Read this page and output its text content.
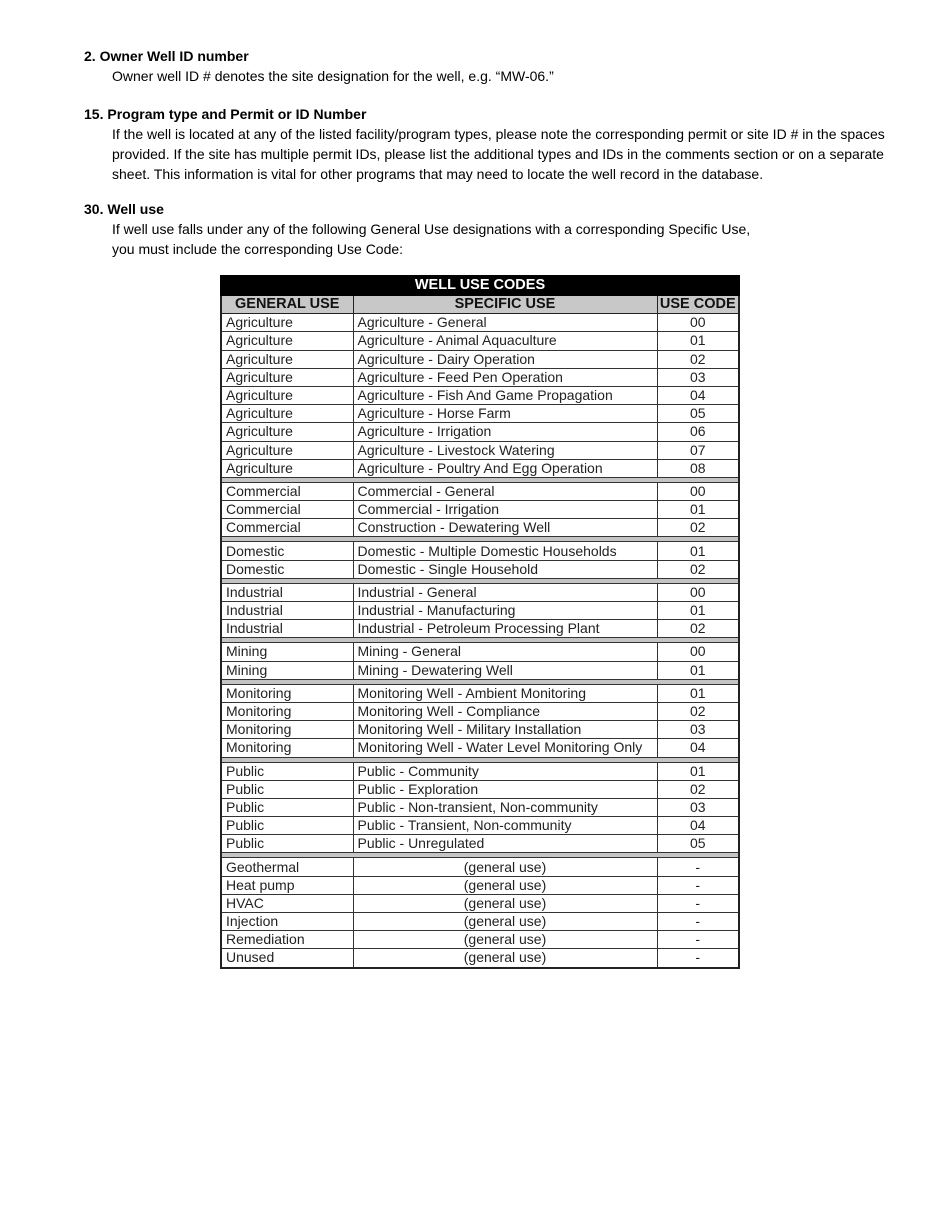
2. Owner Well ID number

Owner well ID # denotes the site designation for the well, e.g. “MW-06.”

15. Program type and Permit or ID Number

If the well is located at any of the listed facility/program types, please note the corresponding permit or site ID # in the spaces

provided. If the site has multiple permit IDs, please list the additional types and IDs in the comments section or on a separate

sheet. This information is vital for other programs that may need to locate the well record in the database.

30. Well use

If well use falls under any of the following General Use designations with a corresponding Specific Use,

you must include the corresponding Use Code:

WELL USE CODES		
GENERAL USE	SPECIFIC USE	USE CODE
Agriculture	Agriculture - General	00
Agriculture	Agriculture - Animal Aquaculture	01
Agriculture	Agriculture - Dairy Operation	02
Agriculture	Agriculture - Feed Pen Operation	03
Agriculture	Agriculture - Fish And Game Propagation	04
Agriculture	Agriculture - Horse Farm	05
Agriculture	Agriculture - Irrigation	06
Agriculture	Agriculture - Livestock Watering	07
Agriculture	Agriculture - Poultry And Egg Operation	08

Commercial	Commercial - General	00
Commercial	Commercial - Irrigation	01
Commercial	Construction - Dewatering Well	02

Domestic	Domestic - Multiple Domestic Households	01
Domestic	Domestic - Single Household	02

Industrial	Industrial - General	00
Industrial	Industrial - Manufacturing	01
Industrial	Industrial - Petroleum Processing Plant	02

Mining	Mining - General	00
Mining	Mining - Dewatering Well	01

Monitoring	Monitoring Well - Ambient Monitoring	01
Monitoring	Monitoring Well - Compliance	02
Monitoring	Monitoring Well - Military Installation	03
Monitoring	Monitoring Well - Water Level Monitoring Only	04

Public	Public - Community	01
Public	Public - Exploration	02
Public	Public - Non-transient, Non-community	03
Public	Public - Transient, Non-community	04
Public	Public - Unregulated	05

Geothermal	(general use)	-
Heat pump	(general use)	-
HVAC	(general use)	-
Injection	(general use)	-
Remediation	(general use)	-
Unused	(general use)	-
